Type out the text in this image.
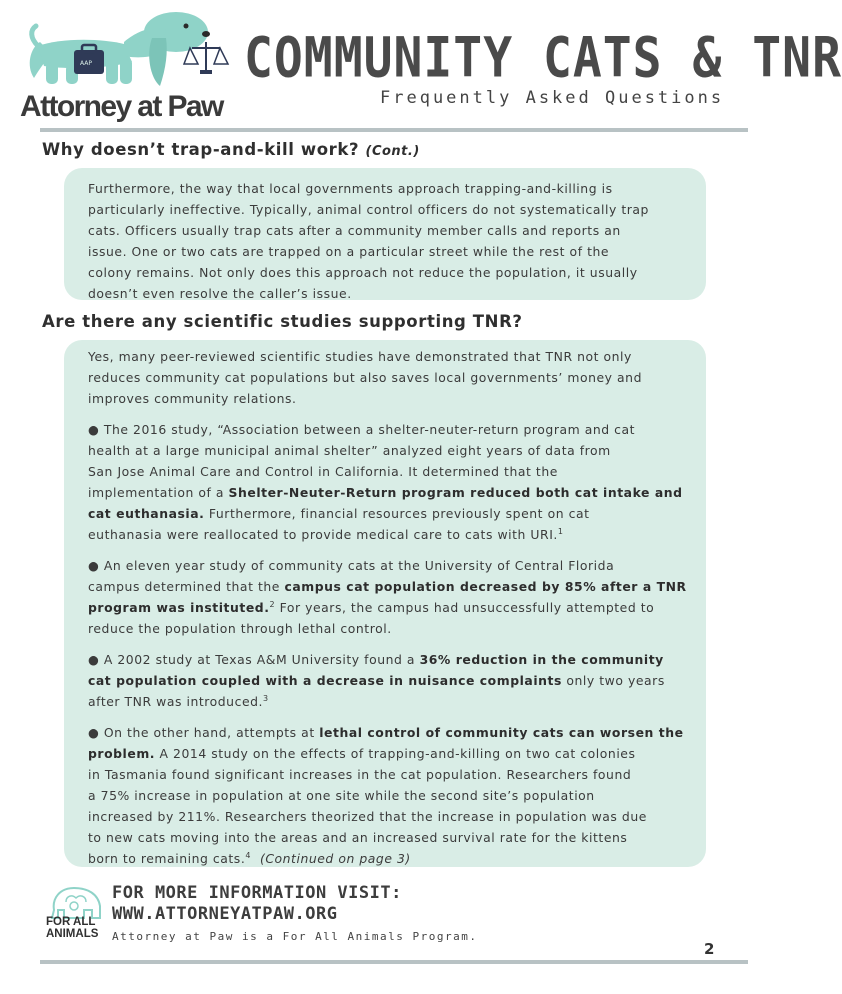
AAP
Attorney at Paw
COMMUNITY CATS & TNR
Frequently Asked Questions
Why doesn’t trap-and-kill work? (Cont.)

Furthermore, the way that local governments approach trapping-and-killing is
particularly ineffective. Typically, animal control officers do not systematically trap
cats. Officers usually trap cats after a community member calls and reports an
issue. One or two cats are trapped on a particular street while the rest of the
colony remains. Not only does this approach not reduce the population, it usually
doesn’t even resolve the caller’s issue.

Are there any scientific studies supporting TNR?

Yes, many peer-reviewed scientific studies have demonstrated that TNR not only
reduces community cat populations but also saves local governments’ money and
improves community relations.

● The 2016 study, “Association between a shelter-neuter-return program and cat
health at a large municipal animal shelter” analyzed eight years of data from
San Jose Animal Care and Control in California. It determined that the
implementation of a Shelter-Neuter-Return program reduced both cat intake and
cat euthanasia. Furthermore, financial resources previously spent on cat
euthanasia were reallocated to provide medical care to cats with URI.$^1$

● An eleven year study of community cats at the University of Central Florida
campus determined that the campus cat population decreased by 85% after a TNR
program was instituted.$^2$ For years, the campus had unsuccessfully attempted to
reduce the population through lethal control.

● A 2002 study at Texas A&M University found a 36% reduction in the community
cat population coupled with a decrease in nuisance complaints only two years
after TNR was introduced.$^3$

● On the other hand, attempts at lethal control of community cats can worsen the
problem. A 2014 study on the effects of trapping-and-killing on two cat colonies
in Tasmania found significant increases in the cat population. Researchers found
a 75% increase in population at one site while the second site’s population
increased by 211%. Researchers theorized that the increase in population was due
to new cats moving into the areas and an increased survival rate for the kittens
born to remaining cats.$^4$ (Continued on page 3)

FOR ALL ANIMALS
FOR MORE INFORMATION VISIT:
WWW.ATTORNEYATPAW.ORG
Attorney at Paw is a For All Animals Program.
2
